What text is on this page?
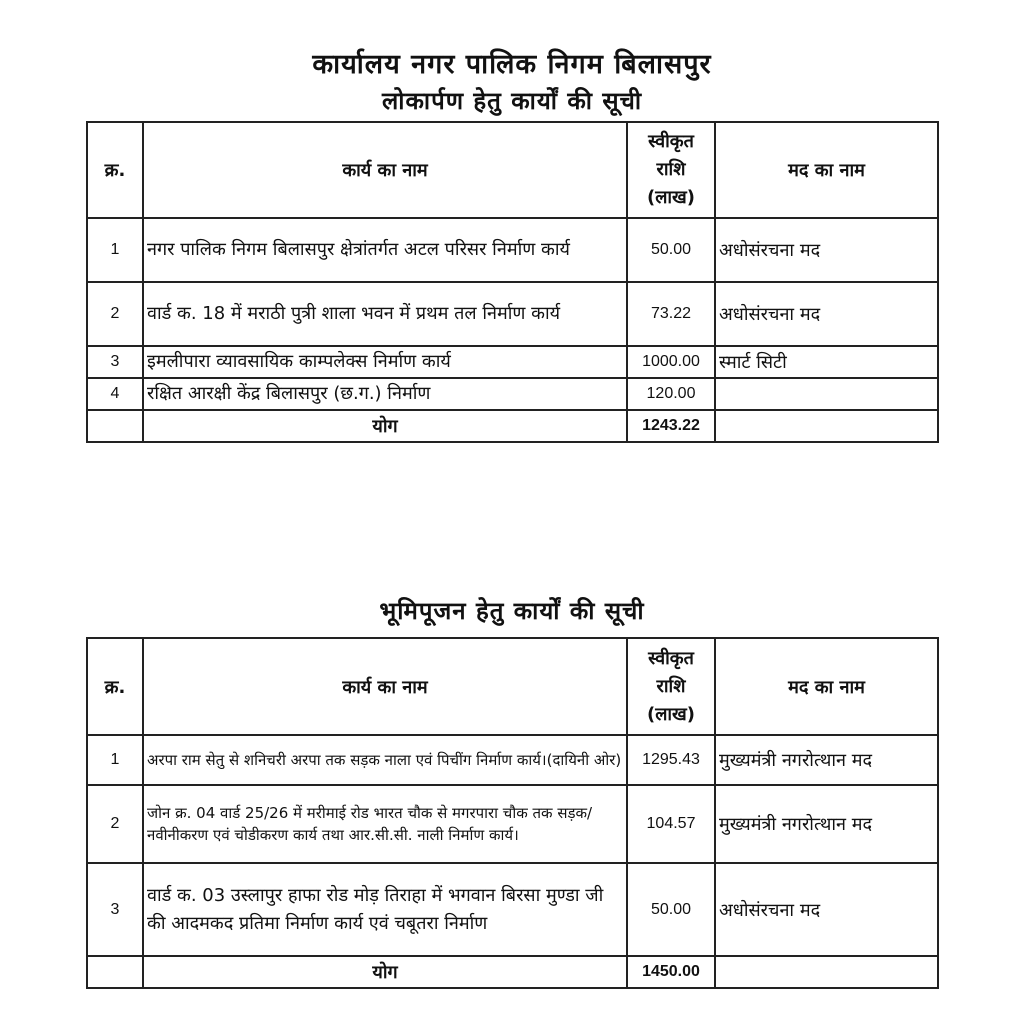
कार्यालय नगर पालिक निगम बिलासपुर
लोकार्पण हेतु कार्यों की सूची
क्र.	कार्य का नाम	स्वीकृत
राशि
(लाख)	मद का नाम
1	नगर पालिक निगम बिलासपुर क्षेत्रांतर्गत अटल परिसर निर्माण कार्य	50.00	अधोसंरचना मद
2	वार्ड क. 18 में मराठी पुत्री शाला भवन में प्रथम तल निर्माण कार्य	73.22	अधोसंरचना मद
3	इमलीपारा व्यावसायिक काम्पलेक्स निर्माण कार्य	1000.00	स्मार्ट सिटी
4	रक्षित आरक्षी केंद्र बिलासपुर (छ.ग.) निर्माण	120.00	
	योग	1243.22	
भूमिपूजन हेतु कार्यों की सूची
क्र.	कार्य का नाम	स्वीकृत
राशि
(लाख)	मद का नाम
1	अरपा राम सेतु से शनिचरी अरपा तक सड़क नाला एवं पिचींग निर्माण कार्य।(दायिनी ओर)	1295.43	मुख्यमंत्री नगरोत्थान मद
2	जोन क्र. 04 वार्ड 25/26 में मरीमाई रोड भारत चौक से मगरपारा चौक तक सड़क/नवीनीकरण एवं चोडीकरण कार्य तथा आर.सी.सी. नाली निर्माण कार्य।	104.57	मुख्यमंत्री नगरोत्थान मद
3	वार्ड क. 03 उस्लापुर हाफा रोड मोड़ तिराहा में भगवान बिरसा मुण्डा जी की आदमकद प्रतिमा निर्माण कार्य एवं चबूतरा निर्माण	50.00	अधोसंरचना मद
	योग	1450.00	
